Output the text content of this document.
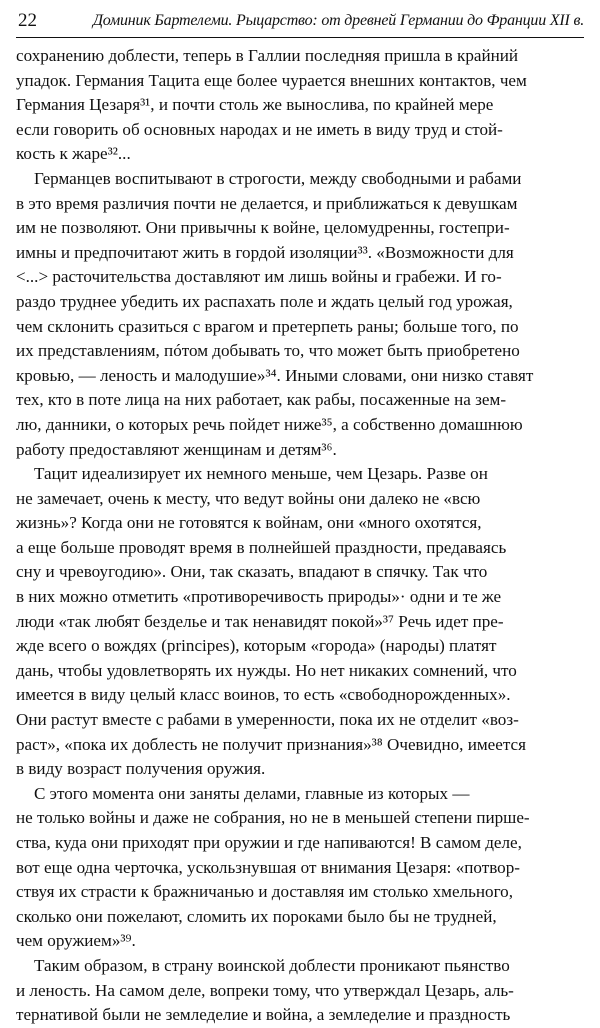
22	Доминик Бартелеми. Рыцарство: от древней Германии до Франции XII в.
сохранению доблести, теперь в Галлии последняя пришла в крайний
упадок. Германия Тацита еще более чурается внешних контактов, чем
Германия Цезаря³¹, и почти столь же вынослива, по крайней мере
если говорить об основных народах и не иметь в виду труд и стой-
кость к жаре³²...
Германцев воспитывают в строгости, между свободными и рабами
в это время различия почти не делается, и приближаться к девушкам
им не позволяют. Они привычны к войне, целомудренны, гостепри-
имны и предпочитают жить в гордой изоляции³³. «Возможности для
<...> расточительства доставляют им лишь войны и грабежи. И го-
раздо труднее убедить их распахать поле и ждать целый год урожая,
чем склонить сразиться с врагом и претерпеть раны; больше того, по
их представлениям, пóтом добывать то, что может быть приобретено
кровью, — леность и малодушие»³⁴. Иными словами, они низко ставят
тех, кто в поте лица на них работает, как рабы, посаженные на зем-
лю, данники, о которых речь пойдет ниже³⁵, а собственно домашнюю
работу предоставляют женщинам и детям³⁶.
Тацит идеализирует их немного меньше, чем Цезарь. Разве он
не замечает, очень к месту, что ведут войны они далеко не «всю
жизнь»? Когда они не готовятся к войнам, они «много охотятся,
а еще больше проводят время в полнейшей праздности, предаваясь
сну и чревоугодию». Они, так сказать, впадают в спячку. Так что
в них можно отметить «противоречивость природы»· одни и те же
люди «так любят безделье и так ненавидят покой»³⁷ Речь идет пре-
жде всего о вождях (principes), которым «города» (народы) платят
дань, чтобы удовлетворять их нужды. Но нет никаких сомнений, что
имеется в виду целый класс воинов, то есть «свободнорожденных».
Они растут вместе с рабами в умеренности, пока их не отделит «воз-
раст», «пока их доблесть не получит признания»³⁸ Очевидно, имеется
в виду возраст получения оружия.
С этого момента они заняты делами, главные из которых —
не только войны и даже не собрания, но не в меньшей степени пирше-
ства, куда они приходят при оружии и где напиваются! В самом деле,
вот еще одна черточка, ускользнувшая от внимания Цезаря: «потвор-
ствуя их страсти к бражничанью и доставляя им столько хмельного,
сколько они пожелают, сломить их пороками было бы не трудней,
чем оружием»³⁹.
Таким образом, в страну воинской доблести проникают пьянство
и леность. На самом деле, вопреки тому, что утверждал Цезарь, аль-
тернативой были не земледелие и война, а земледелие и праздность
